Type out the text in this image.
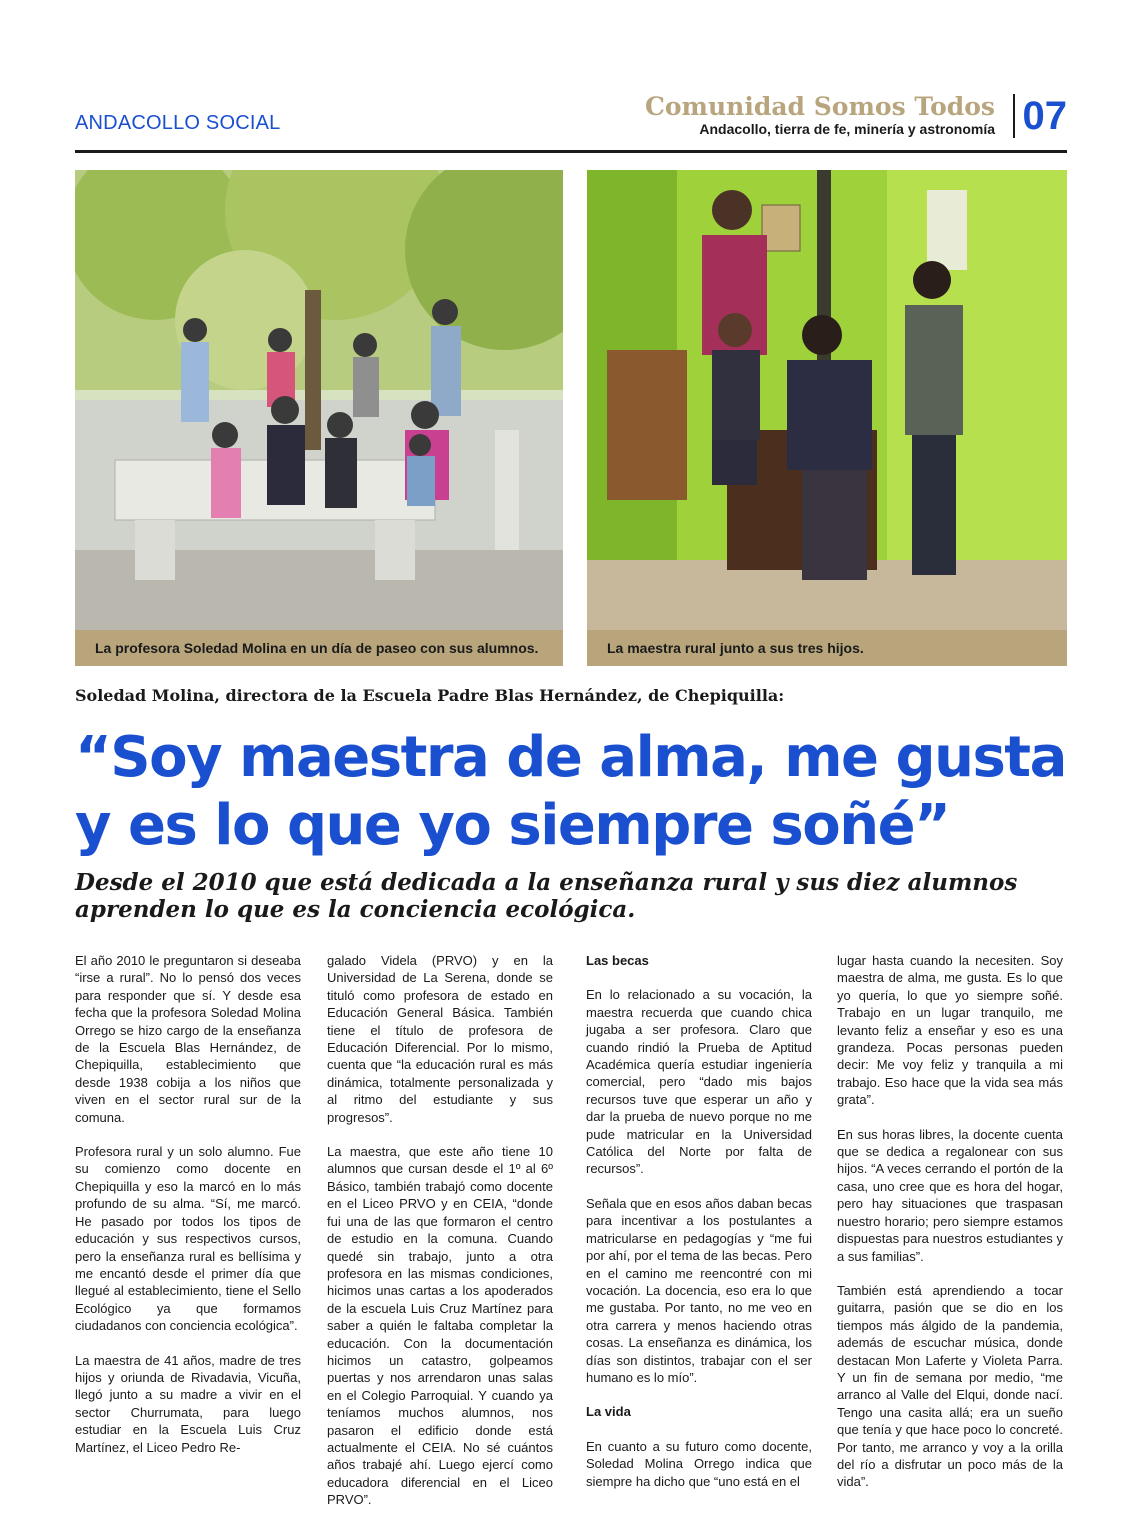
ANDACOLLO SOCIAL
Comunidad Somos Todos
Andacollo, tierra de fe, minería y astronomía 07
La profesora Soledad Molina en un día de paseo con sus alumnos.	La maestra rural junto a sus tres hijos.
Soledad Molina, directora de la Escuela Padre Blas Hernández, de Chepiquilla:
“Soy maestra de alma, me gusta
y es lo que yo siempre soñé”

Desde el 2010 que está dedicada a la enseñanza rural y sus diez alumnos aprenden lo que es la conciencia ecológica.

El año 2010 le preguntaron si deseaba “irse a rural”. No lo pensó dos veces para responder que sí. Y desde esa fecha que la profesora Soledad Molina Orrego se hizo cargo de la enseñanza de la Escuela Blas Hernández, de Chepiquilla, establecimiento que desde 1938 cobija a los niños que viven en el sector rural sur de la comuna.

Profesora rural y un solo alumno. Fue su comienzo como docente en Chepiquilla y eso la marcó en lo más profundo de su alma. “Sí, me marcó. He pasado por todos los tipos de educación y sus respectivos cursos, pero la enseñanza rural es bellísima y me encantó desde el primer día que llegué al establecimiento, tiene el Sello Ecológico ya que formamos ciudadanos con conciencia ecológica”.

La maestra de 41 años, madre de tres hijos y oriunda de Rivadavia, Vicuña, llegó junto a su madre a vivir en el sector Churrumata, para luego estudiar en la Escuela Luis Cruz Martínez, el Liceo Pedro Re-

galado Videla (PRVO) y en la Universidad de La Serena, donde se tituló como profesora de estado en Educación General Básica. También tiene el título de profesora de Educación Diferencial. Por lo mismo, cuenta que “la educación rural es más dinámica, totalmente personalizada y al ritmo del estudiante y sus progresos”.

La maestra, que este año tiene 10 alumnos que cursan desde el 1º al 6º Básico, también trabajó como docente en el Liceo PRVO y en CEIA, “donde fui una de las que formaron el centro de estudio en la comuna. Cuando quedé sin trabajo, junto a otra profesora en las mismas condiciones, hicimos unas cartas a los apoderados de la escuela Luis Cruz Martínez para saber a quién le faltaba completar la educación. Con la documentación hicimos un catastro, golpeamos puertas y nos arrendaron unas salas en el Colegio Parroquial. Y cuando ya teníamos muchos alumnos, nos pasaron el edificio donde está actualmente el CEIA. No sé cuántos años trabajé ahí. Luego ejercí como educadora diferencial en el Liceo PRVO”.

Las becas

En lo relacionado a su vocación, la maestra recuerda que cuando chica jugaba a ser profesora. Claro que cuando rindió la Prueba de Aptitud Académica quería estudiar ingeniería comercial, pero “dado mis bajos recursos tuve que esperar un año y dar la prueba de nuevo porque no me pude matricular en la Universidad Católica del Norte por falta de recursos”.

Señala que en esos años daban becas para incentivar a los postulantes a matricularse en pedagogías y “me fui por ahí, por el tema de las becas. Pero en el camino me reencontré con mi vocación. La docencia, eso era lo que me gustaba. Por tanto, no me veo en otra carrera y menos haciendo otras cosas. La enseñanza es dinámica, los días son distintos, trabajar con el ser humano es lo mío”.

La vida

En cuanto a su futuro como docente, Soledad Molina Orrego indica que siempre ha dicho que “uno está en el

lugar hasta cuando la necesiten. Soy maestra de alma, me gusta. Es lo que yo quería, lo que yo siempre soñé. Trabajo en un lugar tranquilo, me levanto feliz a enseñar y eso es una grandeza. Pocas personas pueden decir: Me voy feliz y tranquila a mi trabajo. Eso hace que la vida sea más grata”.

En sus horas libres, la docente cuenta que se dedica a regalonear con sus hijos. “A veces cerrando el portón de la casa, uno cree que es hora del hogar, pero hay situaciones que traspasan nuestro horario; pero siempre estamos dispuestas para nuestros estudiantes y a sus familias”.

También está aprendiendo a tocar guitarra, pasión que se dio en los tiempos más álgido de la pandemia, además de escuchar música, donde destacan Mon Laferte y Violeta Parra. Y un fin de semana por medio, “me arranco al Valle del Elqui, donde nací. Tengo una casita allá; era un sueño que tenía y que hace poco lo concreté. Por tanto, me arranco y voy a la orilla del río a disfrutar un poco más de la vida”.
